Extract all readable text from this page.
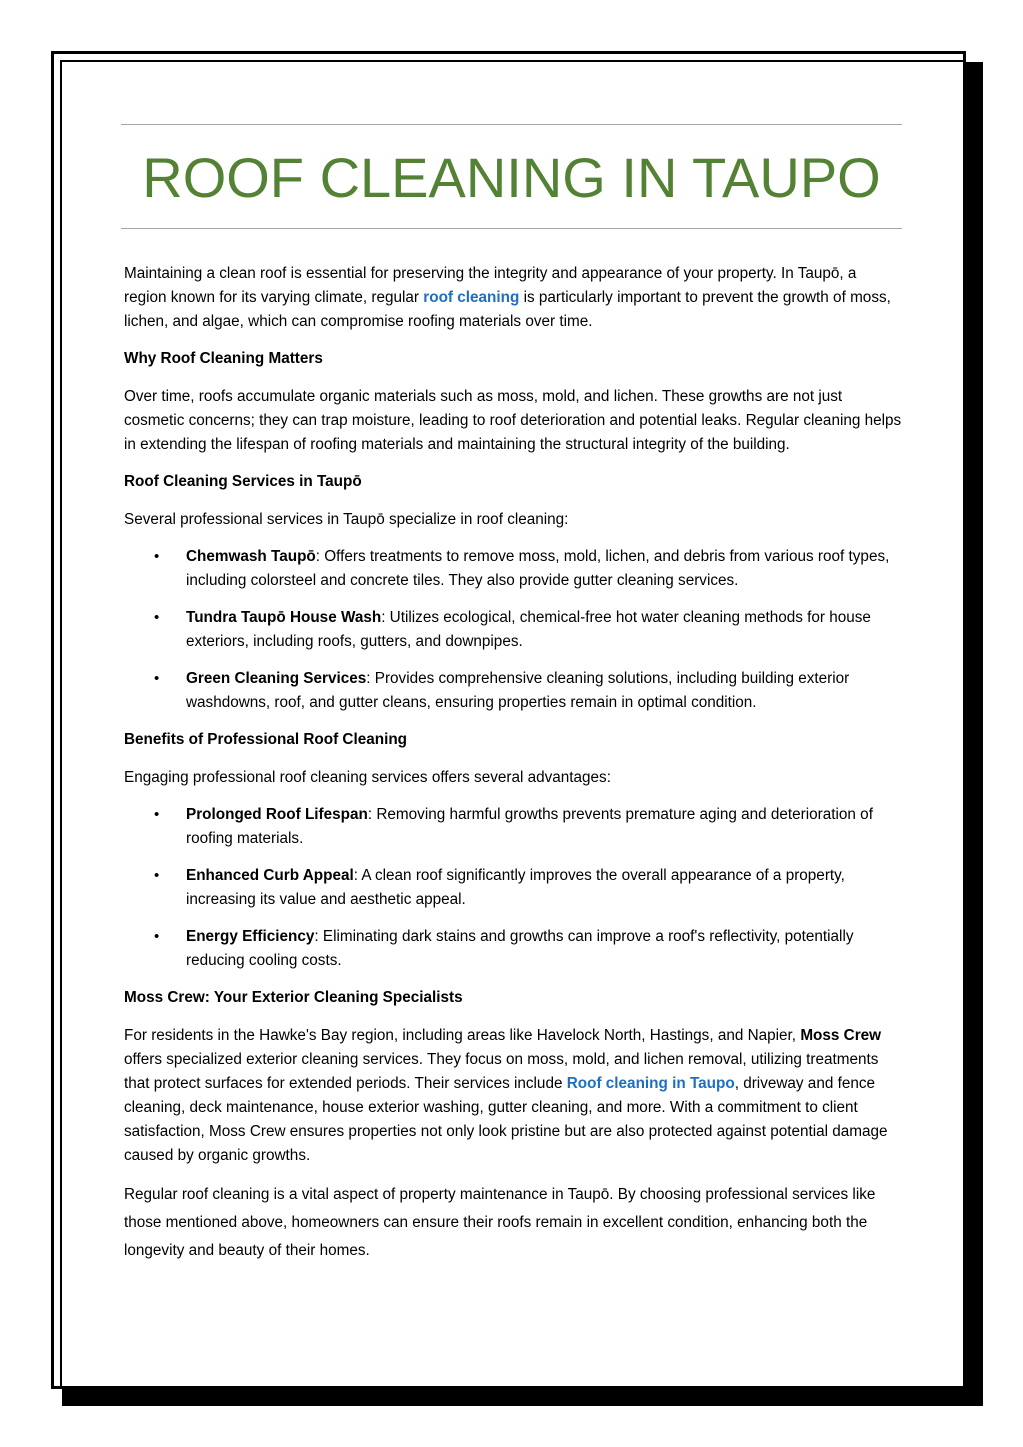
ROOF CLEANING IN TAUPO

Maintaining a clean roof is essential for preserving the integrity and appearance of your property. In Taupō, a region known for its varying climate, regular roof cleaning is particularly important to prevent the growth of moss, lichen, and algae, which can compromise roofing materials over time.

Why Roof Cleaning Matters

Over time, roofs accumulate organic materials such as moss, mold, and lichen. These growths are not just cosmetic concerns; they can trap moisture, leading to roof deterioration and potential leaks. Regular cleaning helps in extending the lifespan of roofing materials and maintaining the structural integrity of the building.

Roof Cleaning Services in Taupō

Several professional services in Taupō specialize in roof cleaning:

• Chemwash Taupō: Offers treatments to remove moss, mold, lichen, and debris from various roof types, including colorsteel and concrete tiles. They also provide gutter cleaning services.
• Tundra Taupō House Wash: Utilizes ecological, chemical-free hot water cleaning methods for house exteriors, including roofs, gutters, and downpipes.
• Green Cleaning Services: Provides comprehensive cleaning solutions, including building exterior washdowns, roof, and gutter cleans, ensuring properties remain in optimal condition.

Benefits of Professional Roof Cleaning

Engaging professional roof cleaning services offers several advantages:

• Prolonged Roof Lifespan: Removing harmful growths prevents premature aging and deterioration of roofing materials.
• Enhanced Curb Appeal: A clean roof significantly improves the overall appearance of a property, increasing its value and aesthetic appeal.
• Energy Efficiency: Eliminating dark stains and growths can improve a roof's reflectivity, potentially reducing cooling costs.

Moss Crew: Your Exterior Cleaning Specialists

For residents in the Hawke's Bay region, including areas like Havelock North, Hastings, and Napier, Moss Crew offers specialized exterior cleaning services. They focus on moss, mold, and lichen removal, utilizing treatments that protect surfaces for extended periods. Their services include Roof cleaning in Taupo, driveway and fence cleaning, deck maintenance, house exterior washing, gutter cleaning, and more. With a commitment to client satisfaction, Moss Crew ensures properties not only look pristine but are also protected against potential damage caused by organic growths.

Regular roof cleaning is a vital aspect of property maintenance in Taupō. By choosing professional services like those mentioned above, homeowners can ensure their roofs remain in excellent condition, enhancing both the longevity and beauty of their homes.
